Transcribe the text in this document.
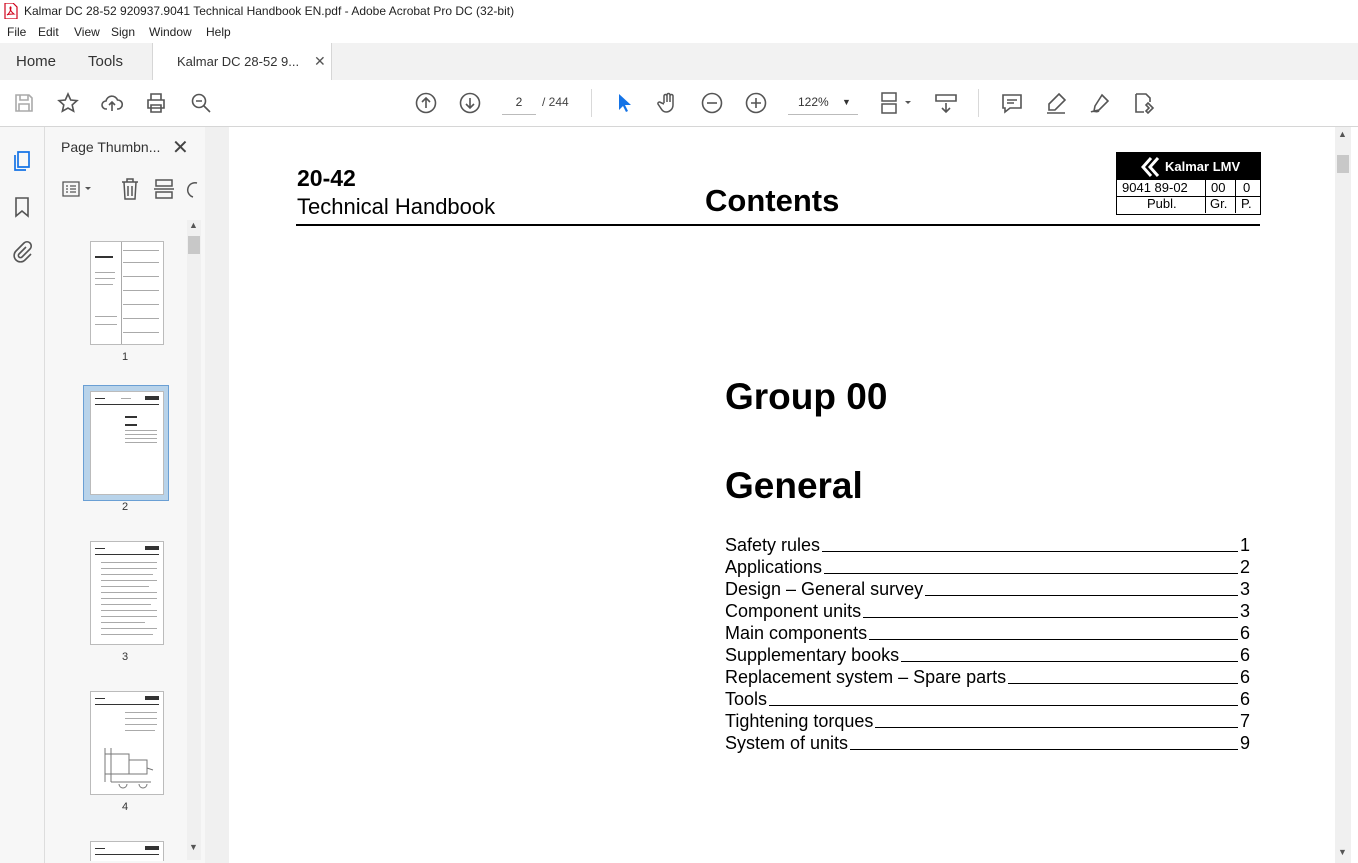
Kalmar DC 28-52 920937.9041 Technical Handbook EN.pdf - Adobe Acrobat Pro DC (32-bit)
File Edit View Sign Window Help
Home Tools	Kalmar DC 28-52 9... ✕
2	/ 244	122% ▼
Page Thumbn... ✕
1
2
3
4
▲
▼
▲
▼
20-42
Technical Handbook	Contents
Kalmar LMV
9041 89-02 00 0
Publ.	Gr. P.
Group 00
General
Safety rules	1
Applications	2
Design – General survey	3
Component units	3
Main components	6
Supplementary books	6
Replacement system – Spare parts	6
Tools	6
Tightening torques	7
System of units	9
